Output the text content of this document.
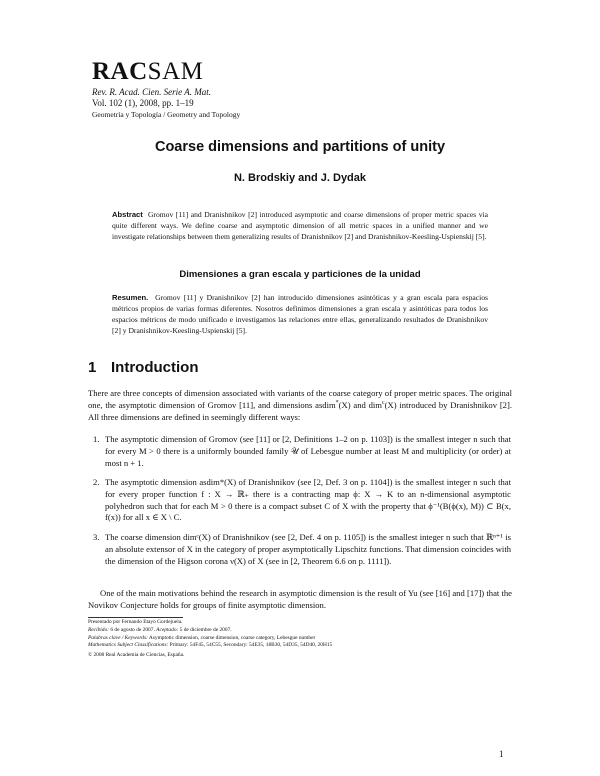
RACSAM
Rev. R. Acad. Cien. Serie A. Mat.
Vol. 102 (1), 2008, pp. 1–19
Geometría y Topología / Geometry and Topology
Coarse dimensions and partitions of unity
N. Brodskiy and J. Dydak
Abstract Gromov [11] and Dranishnikov [2] introduced asymptotic and coarse dimensions of proper metric spaces via quite different ways. We define coarse and asymptotic dimension of all metric spaces in a unified manner and we investigate relationships between them generalizing results of Dranishnikov [2] and Dranishnikov-Keesling-Uspienskij [5].
Dimensiones a gran escala y particiones de la unidad
Resumen. Gromov [11] y Dranishnikov [2] han introducido dimensiones asintóticas y a gran escala para espacios métricos propios de varias formas diferentes. Nosotros definimos dimensiones a gran escala y asintóticas para todos los espacios métricos de modo unificado e investigamos las relaciones entre ellas, generalizando resultados de Dranishnikov [2] y Dranishnikov-Keesling-Uspienskij [5].
1 Introduction
There are three concepts of dimension associated with variants of the coarse category of proper metric spaces. The original one, the asymptotic dimension of Gromov [11], and dimensions asdim*(X) and dim$^c$(X) introduced by Dranishnikov [2]. All three dimensions are defined in seemingly different ways:
1. The asymptotic dimension of Gromov (see [11] or [2, Definitions 1–2 on p. 1103]) is the smallest integer n such that for every M > 0 there is a uniformly bounded family 𝒰 of Lebesgue number at least M and multiplicity (or order) at most n + 1.
2. The asymptotic dimension asdim*(X) of Dranishnikov (see [2, Def. 3 on p. 1104]) is the smallest integer n such that for every proper function f : X → ℝ₊ there is a contracting map ϕ: X → K to an n-dimensional asymptotic polyhedron such that for each M > 0 there is a compact subset C of X with the property that ϕ⁻¹(B(ϕ(x), M)) ⊂ B(x, f(x)) for all x ∈ X \ C.
3. The coarse dimension dimᶜ(X) of Dranishnikov (see [2, Def. 4 on p. 1105]) is the smallest integer n such that ℝⁿ⁺¹ is an absolute extensor of X in the category of proper asymptotically Lipschitz functions. That dimension coincides with the dimension of the Higson corona ν(X) of X (see in [2, Theorem 6.6 on p. 1111]).
One of the main motivations behind the research in asymptotic dimension is the result of Yu (see [16] and [17]) that the Novikov Conjecture holds for groups of finite asymptotic dimension.
Presentado por Fernando Etayo Gordejuela.
Recibido: 6 de agosto de 2007. Aceptado: 5 de diciembre de 2007.
Palabras clave / Keywords: Asymptotic dimension, coarse dimension, coarse category, Lebesgue number
Mathematics Subject Classifications: Primary: 54F45, 54C55, Secondary: 54E35, 18B30, 54D35, 54D40, 20H15
© 2008 Real Academia de Ciencias, España.
1
